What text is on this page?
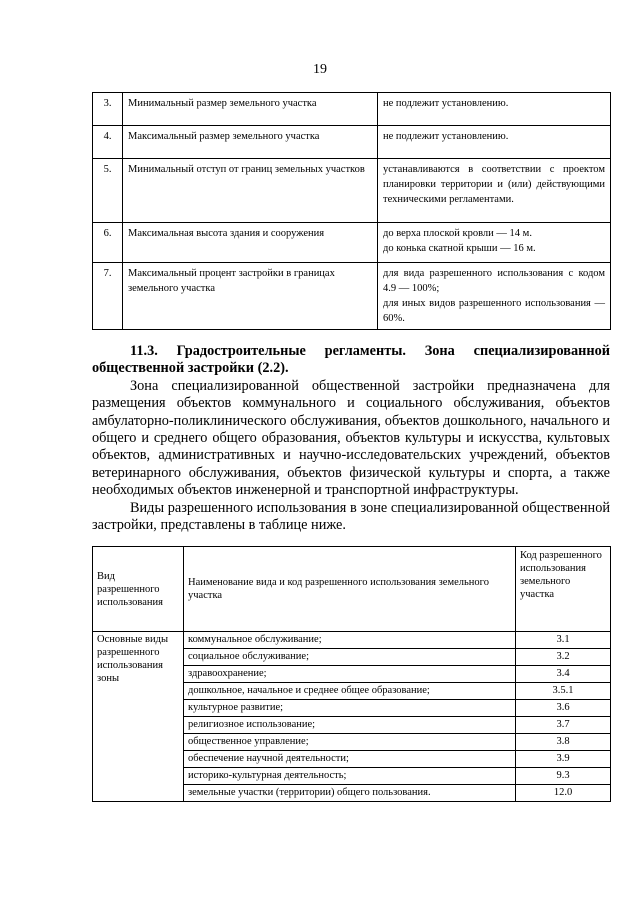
19
3.	Минимальный размер земельного участка	не подлежит установлению.
4.	Максимальный размер земельного участка	не подлежит установлению.
5.	Минимальный отступ от границ земельных участков	устанавливаются в соответствии с проектом планировки территории и (или) действующими техническими регламентами.
6.	Максимальная высота здания и сооружения	до верха плоской кровли — 14 м.
до конька скатной крыши — 16 м.

7.	Максимальный процент застройки в границах земельного участка	для вида разрешенного использования с кодом 4.9 — 100%;
для иных видов разрешенного использования — 60%.

11.3. Градостроительные регламенты. Зона специализированной общественной застройки (2.2).

Зона специализированной общественной застройки предназначена для размещения объектов коммунального и социального обслуживания, объектов амбулаторно-поликлинического обслуживания, объектов дошкольного, начального и общего и среднего общего образования, объектов культуры и искусства, культовых объектов, административных и научно-исследовательских учреждений, объектов ветеринарного обслуживания, объектов физической культуры и спорта, а также необходимых объектов инженерной и транспортной инфраструктуры.

Виды разрешенного использования в зоне специализированной общественной застройки, представлены в таблице ниже.

Вид разрешенного использования	Наименование вида и код разрешенного использования земельного участка	Код разрешенного использования земельного участка
Основные виды разрешенного использования зоны	коммунальное обслуживание;	3.1
	социальное обслуживание;	3.2
	здравоохранение;	3.4
	дошкольное, начальное и среднее общее образование;	3.5.1
	культурное развитие;	3.6
	религиозное использование;	3.7
	общественное управление;	3.8
	обеспечение научной деятельности;	3.9
	историко-культурная деятельность;	9.3
	земельные участки (территории) общего пользования.	12.0
